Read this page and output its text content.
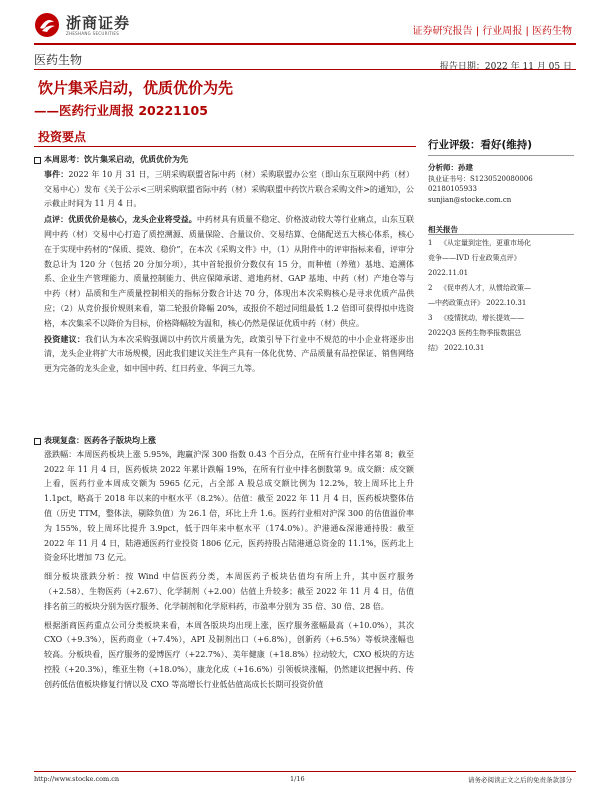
浙商证券
ZHESHANG SECURITIES	证券研究报告 | 行业周报 | 医药生物
医药生物	报告日期：2022 年 11 月 05 日
饮片集采启动，优质优价为先
——医药行业周报 20221105
投资要点

本周思考：饮片集采启动，优质优价为先

事件：2022 年 10 月 31 日，三明采购联盟省际中药（材）采购联盟办公室（即山东互联网中药（材）交易中心）发布《关于公示<三明采购联盟省际中药（材）采购联盟中药饮片联合采购文件>的通知》，公示截止时间为 11 月 4 日。

点评：优质优价是核心，龙头企业将受益。中药材具有质量不稳定、价格波动较大等行业痛点，山东互联网中药（材）交易中心打造了质控溯源、质量保险、合量议价、交易结算、仓储配送五大核心体系，核心在于实现中药材的“保质、提效、稳价”，在本次《采购文件》中，（1）从附件中的评审指标来看，评审分数总计为 120 分（包括 20 分加分项），其中首轮报价分数仅有 15 分，而种植（养殖）基地、追溯体系、企业生产管理能力、质量控制能力、供应保障承诺、道地药材、GAP 基地、中药（材）产地仓等与中药（材）品质和生产质量控制相关的指标分数合计达 70 分，体现出本次采购核心是寻求优质产品供应；（2）从竞价报价规则来看，第二轮报价降幅 20%，或报价不超过同组最低 1.2 倍即可获得拟中选资格，本次集采不以降价为目标，价格降幅较为温和，核心仍然是保证优质中药（材）供应。

投资建议：我们认为本次采购强调以中药饮片质量为先，政策引导下行业中不规范的中小企业将逐步出清，龙头企业将扩大市场规模，因此我们建议关注生产具有一体化优势、产品质量有品控保证、销售网络更为完备的龙头企业，如中国中药、红日药业、华润三九等。

表现复盘：医药各子版块均上涨

涨跌幅：本周医药板块上涨 5.95%，跑赢沪深 300 指数 0.43 个百分点，在所有行业中排名第 8；截至 2022 年 11 月 4 日，医药板块 2022 年累计跌幅 19%，在所有行业中排名倒数第 9。成交额：成交额上看，医药行业本周成交额为 5965 亿元，占全部 A 股总成交额比例为 12.2%，较上周环比上升 1.1pct，略高于 2018 年以来的中枢水平（8.2%）。估值：截至 2022 年 11 月 4 日，医药板块整体估值（历史 TTM，整体法，剔除负值）为 26.1 倍，环比上升 1.6。医药行业相对沪深 300 的估值溢价率为 155%，较上周环比提升 3.9pct，低于四年来中枢水平（174.0%）。沪港通&深港通持股：截至 2022 年 11 月 4 日，陆港通医药行业投资 1806 亿元，医药持股占陆港通总资金的 11.1%，医药北上资金环比增加 73 亿元。

细分板块涨跌分析：按 Wind 中信医药分类，本周医药子板块估值均有所上升，其中医疗服务（+2.58）、生物医药（+2.67）、化学制剂（+2.00）估值上升较多；截至 2022 年 11 月 4 日，估值排名前三的板块分别为医疗服务、化学制剂和化学原料药，市盈率分别为 35 倍、30 倍、28 倍。

根据浙商医药重点公司分类板块来看，本周各版块均出现上涨，医疗服务涨幅最高（+10.0%），其次 CXO（+9.3%），医药商业（+7.4%），API 及制剂出口（+6.8%），创新药（+6.5%）等板块涨幅也较高。分板块看，医疗服务的爱博医疗（+22.7%）、美年健康（+18.8%）拉动较大，CXO 板块的方达控股（+20.3%），维亚生物（+18.0%），康龙化成（+16.6%）引领板块涨幅，仍然建议把握中药、传创药低估值板块修复行情以及 CXO 等高增长行业低估值高成长长期可投资价值

行业评级：看好(维持)
分析师：孙建
执业证书号：S1230520080006
02180105933
sunjian@stocke.com.cn
相关报告
1 《从定量到定性，更重市场化
竞争——IVD 行业政策点评》
2022.11.01
2 《促申药人才，从惯给政策—
—中药政策点评》 2022.10.31
3 《疫情扰动，增长提效——
2022Q3 医药生物季报数据总
结》 2022.10.31
http://www.stocke.com.cn	1/16	请务必阅读正文之后的免责条款部分
